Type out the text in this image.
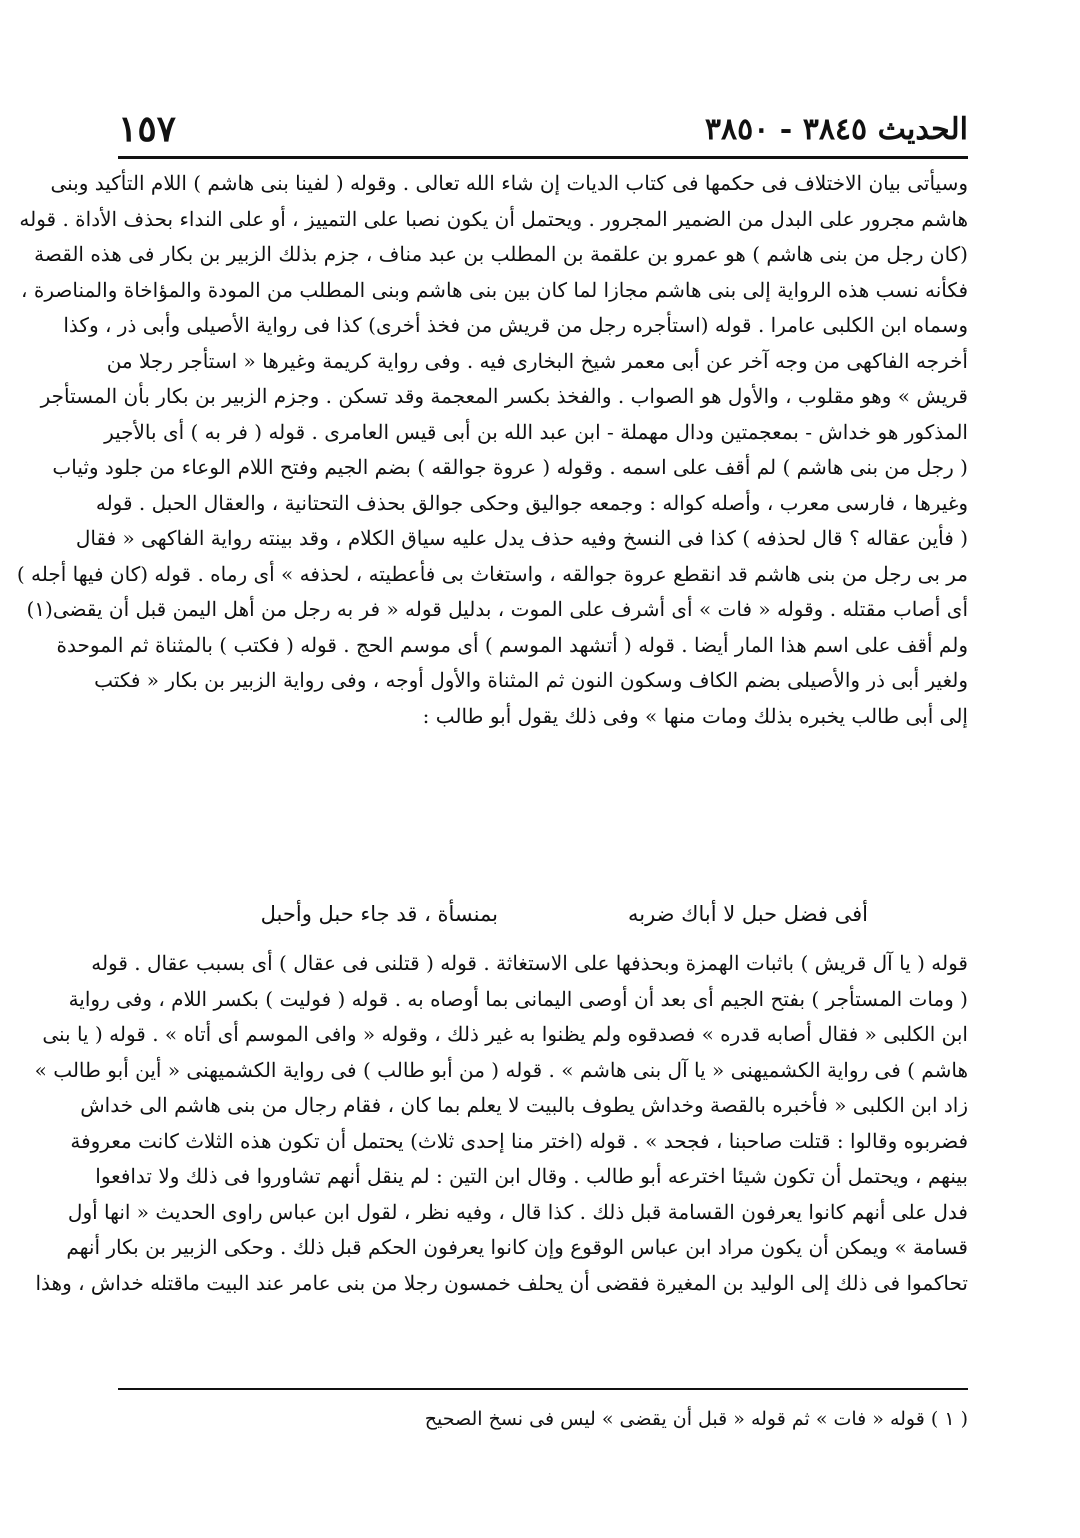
الحديث ٣٨٤٥ - ٣٨٥٠
١٥٧
وسيأتى بيان الاختلاف فى حكمها فى كتاب الديات إن شاء الله تعالى . وقوله ( لفينا بنى هاشم ) اللام التأكيد وبنى
هاشم مجرور على البدل من الضمير المجرور . ويحتمل أن يكون نصبا على التمييز ، أو على النداء بحذف الأداة . قوله
(كان رجل من بنى هاشم ) هو عمرو بن علقمة بن المطلب بن عبد مناف ، جزم بذلك الزبير بن بكار فى هذه القصة
فكأنه نسب هذه الرواية إلى بنى هاشم مجازا لما كان بين بنى هاشم وبنى المطلب من المودة والمؤاخاة والمناصرة ،
وسماه ابن الكلبى عامرا . قوله (استأجره رجل من قريش من فخذ أخرى) كذا فى رواية الأصيلى وأبى ذر ، وكذا
أخرجه الفاكهى من وجه آخر عن أبى معمر شيخ البخارى فيه . وفى رواية كريمة وغيرها « استأجر رجلا من
قريش » وهو مقلوب ، والأول هو الصواب . والفخذ بكسر المعجمة وقد تسكن . وجزم الزبير بن بكار بأن المستأجر
المذكور هو خداش - بمعجمتين ودال مهملة - ابن عبد الله بن أبى قيس العامرى . قوله ( فر به ) أى بالأجير
( رجل من بنى هاشم ) لم أقف على اسمه . وقوله ( عروة جوالقه ) بضم الجيم وفتح اللام الوعاء من جلود وثياب
وغيرها ، فارسى معرب ، وأصله كواله : وجمعه جواليق وحكى جوالق بحذف التحتانية ، والعقال الحبل . قوله
( فأين عقاله ؟ قال لحذفه ) كذا فى النسخ وفيه حذف يدل عليه سياق الكلام ، وقد بينته رواية الفاكهى « فقال
مر بى رجل من بنى هاشم قد انقطع عروة جوالقه ، واستغاث بى فأعطيته ، لحذفه » أى رماه . قوله (كان فيها أجله )
أى أصاب مقتله . وقوله « فات » أى أشرف على الموت ، بدليل قوله « فر به رجل من أهل اليمن قبل أن يقضى(١)
ولم أقف على اسم هذا المار أيضا . قوله ( أتشهد الموسم ) أى موسم الحج . قوله ( فكتب ) بالمثناة ثم الموحدة
ولغير أبى ذر والأصيلى بضم الكاف وسكون النون ثم المثناة والأول أوجه ، وفى رواية الزبير بن بكار « فكتب
إلى أبى طالب يخبره بذلك ومات منها » وفى ذلك يقول أبو طالب :
أفى فضل حبل لا أباك ضربه
بمنسأة ، قد جاء حبل وأحبل
قوله ( يا آل قريش ) باثبات الهمزة وبحذفها على الاستغاثة . قوله ( قتلنى فى عقال ) أى بسبب عقال . قوله
( ومات المستأجر ) بفتح الجيم أى بعد أن أوصى اليمانى بما أوصاه به . قوله ( فوليت ) بكسر اللام ، وفى رواية
ابن الكلبى « فقال أصابه قدره » فصدقوه ولم يظنوا به غير ذلك ، وقوله « وافى الموسم أى أتاه » . قوله ( يا بنى
هاشم ) فى رواية الكشميهنى « يا آل بنى هاشم » . قوله ( من أبو طالب ) فى رواية الكشميهنى « أين أبو طالب »
زاد ابن الكلبى « فأخبره بالقصة وخداش يطوف بالبيت لا يعلم بما كان ، فقام رجال من بنى هاشم الى خداش
فضربوه وقالوا : قتلت صاحبنا ، فجحد » . قوله (اختر منا إحدى ثلاث) يحتمل أن تكون هذه الثلاث كانت معروفة
بينهم ، ويحتمل أن تكون شيئا اخترعه أبو طالب . وقال ابن التين : لم ينقل أنهم تشاوروا فى ذلك ولا تدافعوا
فدل على أنهم كانوا يعرفون القسامة قبل ذلك . كذا قال ، وفيه نظر ، لقول ابن عباس راوى الحديث « انها أول
قسامة » ويمكن أن يكون مراد ابن عباس الوقوع وإن كانوا يعرفون الحكم قبل ذلك . وحكى الزبير بن بكار أنهم
تحاكموا فى ذلك إلى الوليد بن المغيرة فقضى أن يحلف خمسون رجلا من بنى عامر عند البيت ماقتله خداش ، وهذا
( ١ ) قوله « فات » ثم قوله « قبل أن يقضى » ليس فى نسخ الصحيح
